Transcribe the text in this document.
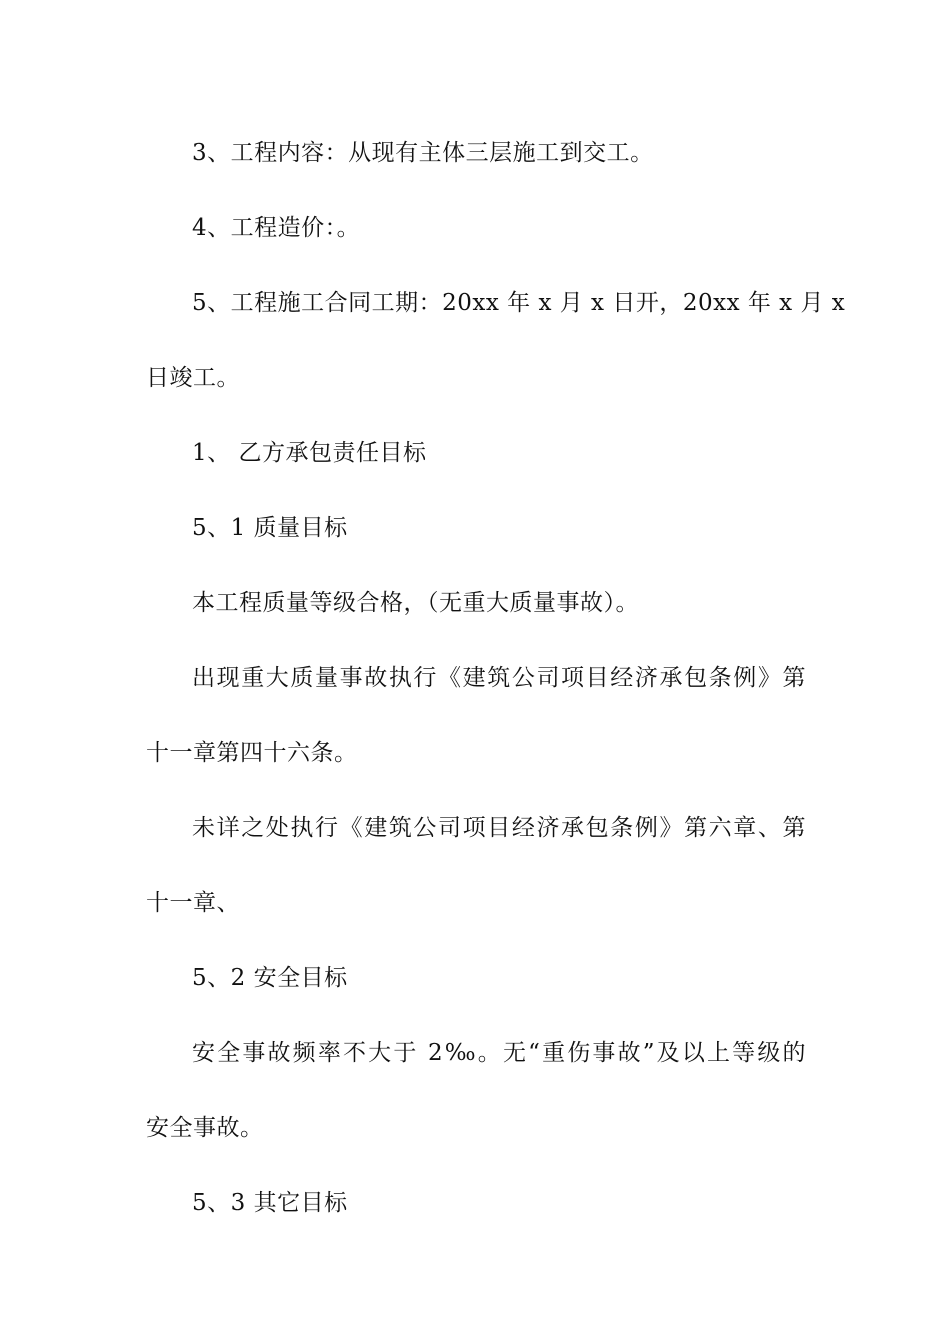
3、工程内容：从现有主体三层施工到交工。

4、工程造价：。

5、工程施工合同工期：20xx 年 x 月 x 日开，20xx 年 x 月 x

日竣工。

1、 乙方承包责任目标

5、1 质量目标

本工程质量等级合格，（无重大质量事故）。

出现重大质量事故执行《建筑公司项目经济承包条例》第

十一章第四十六条。

未详之处执行《建筑公司项目经济承包条例》第六章、第

十一章、

5、2 安全目标

安全事故频率不大于 2‰。无“重伤事故”及以上等级的

安全事故。

5、3 其它目标
